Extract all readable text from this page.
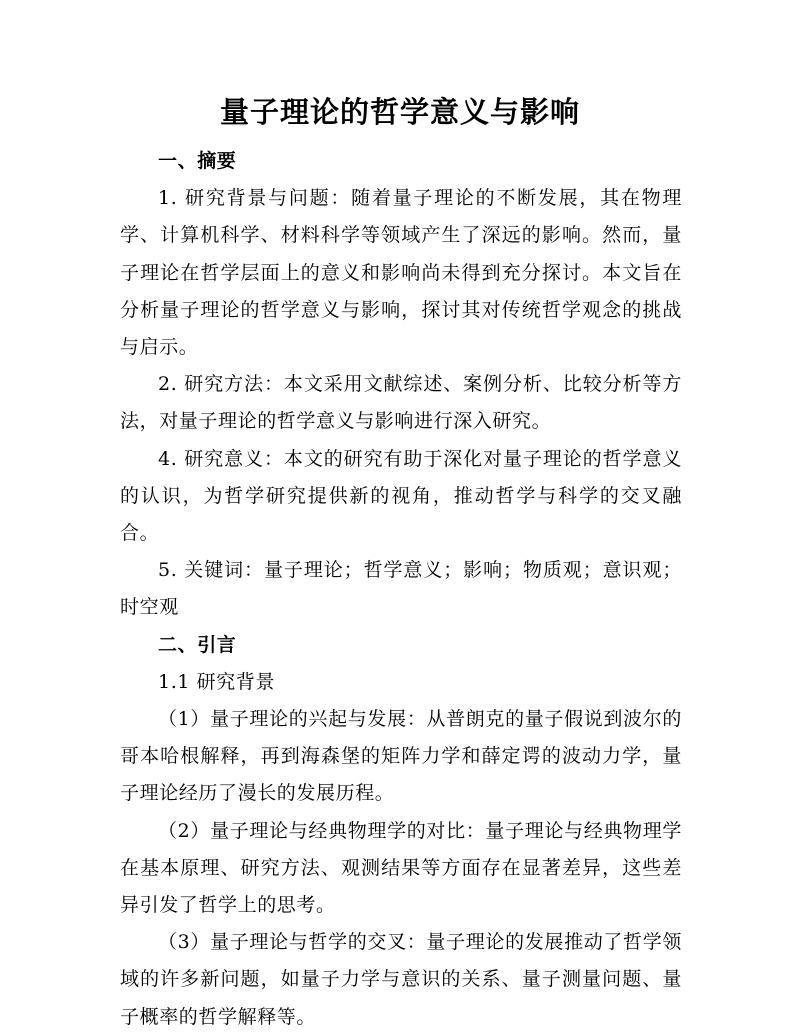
量子理论的哲学意义与影响

一、摘要

1. 研究背景与问题：随着量子理论的不断发展，其在物理学、计算机科学、材料科学等领域产生了深远的影响。然而，量子理论在哲学层面上的意义和影响尚未得到充分探讨。本文旨在分析量子理论的哲学意义与影响，探讨其对传统哲学观念的挑战与启示。

2. 研究方法：本文采用文献综述、案例分析、比较分析等方法，对量子理论的哲学意义与影响进行深入研究。

4. 研究意义：本文的研究有助于深化对量子理论的哲学意义的认识，为哲学研究提供新的视角，推动哲学与科学的交叉融合。

5. 关键词：量子理论；哲学意义；影响；物质观；意识观；时空观

二、引言

1.1 研究背景

（1）量子理论的兴起与发展：从普朗克的量子假说到波尔的哥本哈根解释，再到海森堡的矩阵力学和薛定谔的波动力学，量子理论经历了漫长的发展历程。

（2）量子理论与经典物理学的对比：量子理论与经典物理学在基本原理、研究方法、观测结果等方面存在显著差异，这些差异引发了哲学上的思考。

（3）量子理论与哲学的交叉：量子理论的发展推动了哲学领域的许多新问题，如量子力学与意识的关系、量子测量问题、量子概率的哲学解释等。
